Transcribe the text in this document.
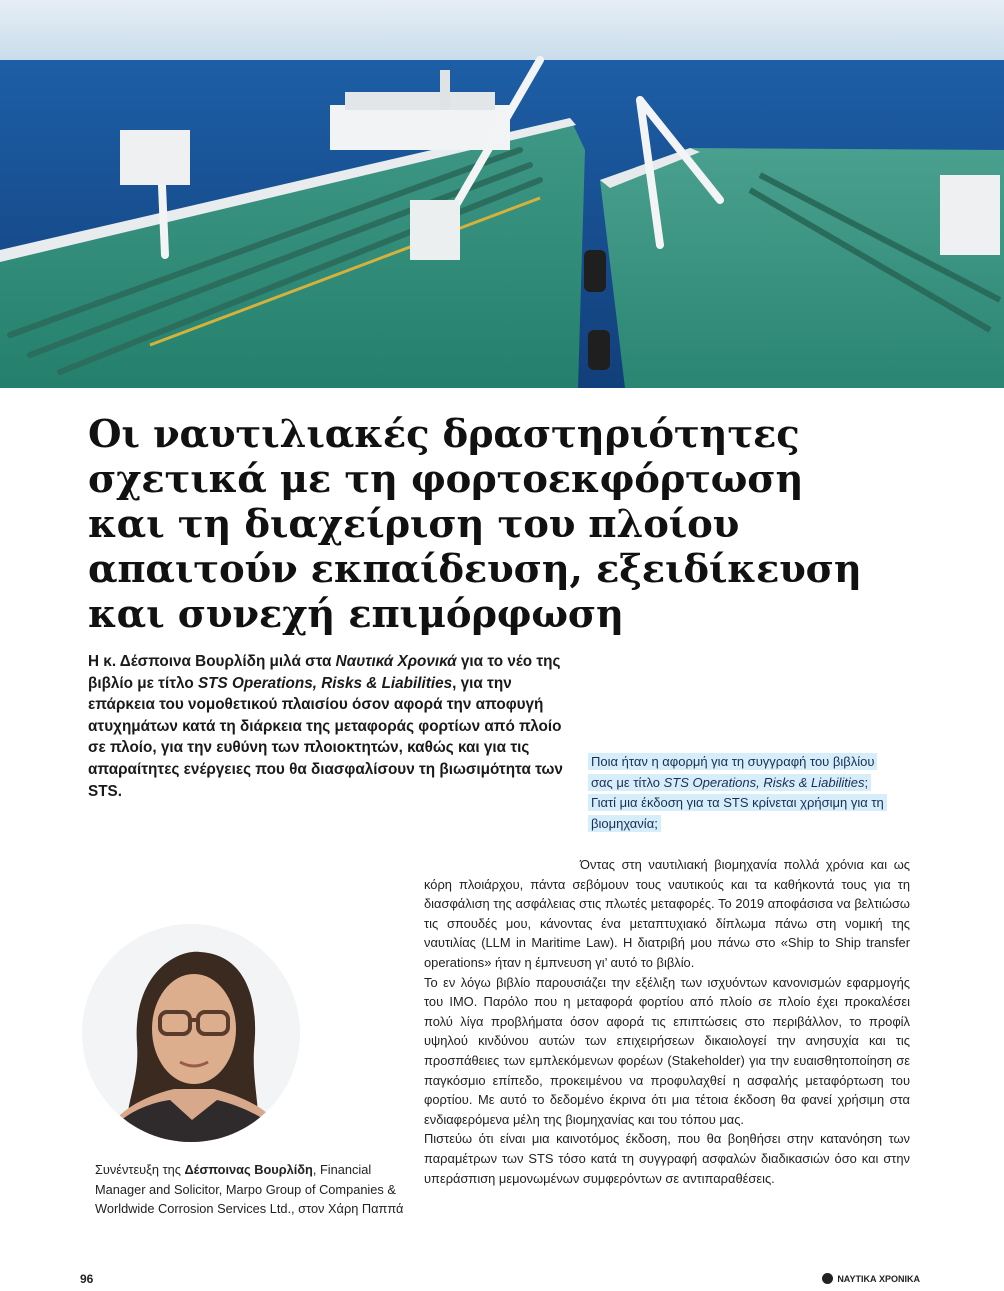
Οι ναυτιλιακές δραστηριότητες σχετικά με τη φορτοεκφόρτωση και τη διαχείριση του πλοίου απαιτούν εκπαίδευση, εξειδίκευση και συνεχή επιμόρφωση

Η κ. Δέσποινα Βουρλίδη μιλά στα Ναυτικά Χρονικά για το νέο της βιβλίο με τίτλο STS Operations, Risks & Liabilities, για την επάρκεια του νομοθετικού πλαισίου όσον αφορά την αποφυγή ατυχημάτων κατά τη διάρκεια της μεταφοράς φορτίων από πλοίο σε πλοίο, για την ευθύνη των πλοιοκτητών, καθώς και για τις απαραίτητες ενέργειες που θα διασφαλίσουν τη βιωσιμότητα των STS.

Ποια ήταν η αφορμή για τη συγγραφή του βιβλίου σας με τίτλο STS Operations, Risks & Liabilities; Γιατί μια έκδοση για τα STS κρίνεται χρήσιμη για τη βιομηχανία;

Όντας στη ναυτιλιακή βιομηχανία πολλά χρόνια και ως κόρη πλοιάρχου, πάντα σεβόμουν τους ναυτικούς και τα καθήκοντά τους για τη διασφάλιση της ασφάλειας στις πλωτές μεταφορές. Το 2019 αποφάσισα να βελτιώσω τις σπουδές μου, κάνοντας ένα μεταπτυχιακό δίπλωμα πάνω στη νομική της ναυτιλίας (LLM in Maritime Law). Η διατριβή μου πάνω στο «Ship to Ship transfer operations» ήταν η έμπνευση γι’ αυτό το βιβλίο.

Το εν λόγω βιβλίο παρουσιάζει την εξέλιξη των ισχυόντων κανονισμών εφαρμογής του IMO. Παρόλο που η μεταφορά φορτίου από πλοίο σε πλοίο έχει προκαλέσει πολύ λίγα προβλήματα όσον αφορά τις επιπτώσεις στο περιβάλλον, το προφίλ υψηλού κινδύνου αυτών των επιχειρήσεων δικαιολογεί την ανησυχία και τις προσπάθειες των εμπλεκόμενων φορέων (Stakeholder) για την ευαισθητοποίηση σε παγκόσμιο επίπεδο, προκειμένου να προφυλαχθεί η ασφαλής μεταφόρτωση του φορτίου. Με αυτό το δεδομένο έκρινα ότι μια τέτοια έκδοση θα φανεί χρήσιμη στα ενδιαφερόμενα μέλη της βιομηχανίας και του τόπου μας.

Πιστεύω ότι είναι μια καινοτόμος έκδοση, που θα βοηθήσει στην κατανόηση των παραμέτρων των STS τόσο κατά τη συγγραφή ασφαλών διαδικασιών όσο και στην υπεράσπιση μεμονωμένων συμφερόντων σε αντιπαραθέσεις.

Συνέντευξη της Δέσποινας Βουρλίδη, Financial Manager and Solicitor, Marpo Group of Companies & Worldwide Corrosion Services Ltd., στον Χάρη Παππά

96	ΝΑΥΤΙΚΑ ΧΡΟΝΙΚΑ
